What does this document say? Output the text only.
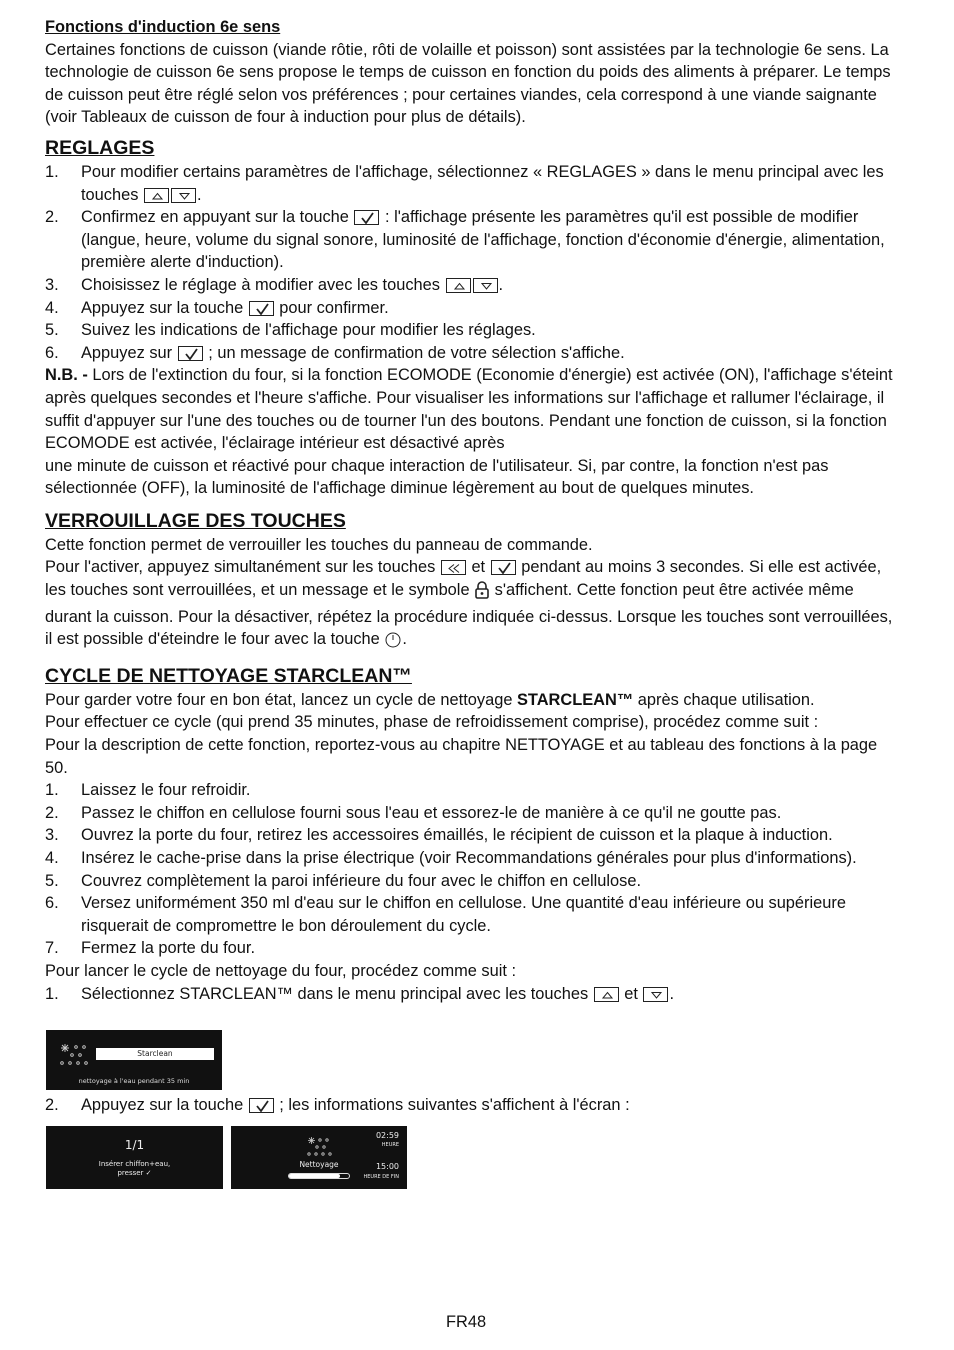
Fonctions d'induction 6e sens

Certaines fonctions de cuisson (viande rôtie, rôti de volaille et poisson) sont assistées par la technologie 6e sens. La technologie de cuisson 6e sens propose le temps de cuisson en fonction du poids des aliments à préparer. Le temps de cuisson peut être réglé selon vos préférences ; pour certaines viandes, cela correspond à une viande saignante (voir Tableaux de cuisson de four à induction pour plus de détails).

REGLAGES
1. Pour modifier certains paramètres de l'affichage, sélectionnez « REGLAGES » dans le menu principal avec les touches	.
2. Confirmez en appuyant sur la touche
: l'affichage présente les paramètres qu'il est possible de modifier (langue, heure, volume du signal sonore, luminosité de l'affichage, fonction d'économie d'énergie, alimentation, première alerte d'induction).
3. Choisissez le réglage à modifier avec les touches	.
4. Appuyez sur la touche
pour confirmer.
5. Suivez les indications de l'affichage pour modifier les réglages.
6. Appuyez sur
; un message de confirmation de votre sélection s'affiche.

N.B. - Lors de l'extinction du four, si la fonction ECOMODE (Economie d'énergie) est activée (ON), l'affichage s'éteint après quelques secondes et l'heure s'affiche. Pour visualiser les informations sur l'affichage et rallumer l'éclairage, il suffit d'appuyer sur l'une des touches ou de tourner l'un des boutons. Pendant une fonction de cuisson, si la fonction ECOMODE est activée, l'éclairage intérieur est désactivé après
une minute de cuisson et réactivé pour chaque interaction de l'utilisateur. Si, par contre, la fonction n'est pas sélectionnée (OFF), la luminosité de l'affichage diminue légèrement au bout de quelques minutes.

VERROUILLAGE DES TOUCHES

Cette fonction permet de verrouiller les touches du panneau de commande.

Pour l'activer, appuyez simultanément sur les touches
et
pendant au moins 3 secondes. Si elle est activée, les touches sont verrouillées, et un message et le symbole  s'affichent. Cette fonction peut être activée même durant la cuisson. Pour la désactiver, répétez la procédure indiquée ci-dessus. Lorsque les touches sont verrouillées, il est possible d'éteindre le four avec la touche .

CYCLE DE NETTOYAGE STARCLEAN™

Pour garder votre four en bon état, lancez un cycle de nettoyage STARCLEAN™ après chaque utilisation.

Pour effectuer ce cycle (qui prend 35 minutes, phase de refroidissement comprise), procédez comme suit :

Pour la description de cette fonction, reportez-vous au chapitre NETTOYAGE et au tableau des fonctions à la page 50.

1. Laissez le four refroidir.
2. Passez le chiffon en cellulose fourni sous l'eau et essorez-le de manière à ce qu'il ne goutte pas.
3. Ouvrez la porte du four, retirez les accessoires émaillés, le récipient de cuisson et la plaque à induction.
4. Insérez le cache-prise dans la prise électrique (voir Recommandations générales pour plus d'informations).
5. Couvrez complètement la paroi inférieure du four avec le chiffon en cellulose.
6. Versez uniformément 350 ml d'eau sur le chiffon en cellulose. Une quantité d'eau inférieure ou supérieure risquerait de compromettre le bon déroulement du cycle.
7. Fermez la porte du four.

Pour lancer le cycle de nettoyage du four, procédez comme suit :

1. Sélectionnez STARCLEAN™ dans le menu principal avec les touches
et
.
Starclean
nettoyage à l'eau pendant 35 min
2. Appuyez sur la touche
; les informations suivantes s'affichent à l'écran :
1/1
Insérer chiffon+eau,
presser ✓
Nettoyage
02:59
HEURE
15:00
HEURE DE FIN
FR48
